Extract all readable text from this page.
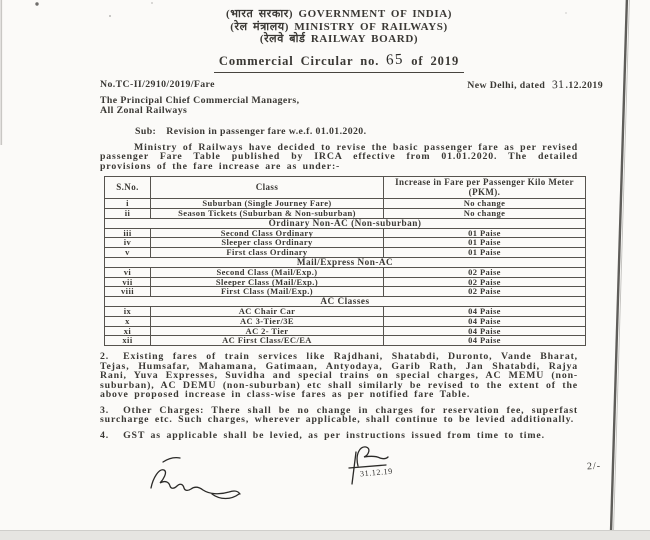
(भारत सरकार) GOVERNMENT OF INDIA)
(रेल मंत्रालय) MINISTRY OF RAILWAYS)
(रेलवे बोर्ड RAILWAY BOARD)
Commercial Circular no. 65 of 2019
No.TC-II/2910/2019/Fare	New Delhi, dated 31.12.2019
The Principal Chief Commercial Managers,
All Zonal Railways
Sub: Revision in passenger fare w.e.f. 01.01.2020.

Ministry of Railways have decided to revise the basic passenger fare as per revised passenger Fare Table published by IRCA effective from 01.01.2020. The detailed provisions of the fare increase are as under:-

S.No.	Class	Increase in Fare per Passenger Kilo Meter (PKM).
i	Suburban (Single Journey Fare)	No change
ii	Season Tickets (Suburban & Non-suburban)	No change
Ordinary Non-AC (Non-suburban)		
iii	Second Class Ordinary	01 Paise
iv	Sleeper class Ordinary	01 Paise
v	First class Ordinary	01 Paise
Mail/Express Non-AC		
vi	Second Class (Mail/Exp.)	02 Paise
vii	Sleeper Class (Mail/Exp.)	02 Paise
viii	First Class (Mail/Exp.)	02 Paise
AC Classes		
ix	AC Chair Car	04 Paise
x	AC 3-Tier/3E	04 Paise
xi	AC 2- Tier	04 Paise
xii	AC First Class/EC/EA	04 Paise

2. Existing fares of train services like Rajdhani, Shatabdi, Duronto, Vande Bharat, Tejas, Humsafar, Mahamana, Gatimaan, Antyodaya, Garib Rath, Jan Shatabdi, Rajya Rani, Yuva Expresses, Suvidha and special trains on special charges, AC MEMU (non-suburban), AC DEMU (non-suburban) etc shall similarly be revised to the extent of the above proposed increase in class-wise fares as per notified fare Table.

3. Other Charges: There shall be no change in charges for reservation fee, superfast surcharge etc. Such charges, wherever applicable, shall continue to be levied additionally.

4. GST as applicable shall be levied, as per instructions issued from time to time.

31.12.19
2/-
